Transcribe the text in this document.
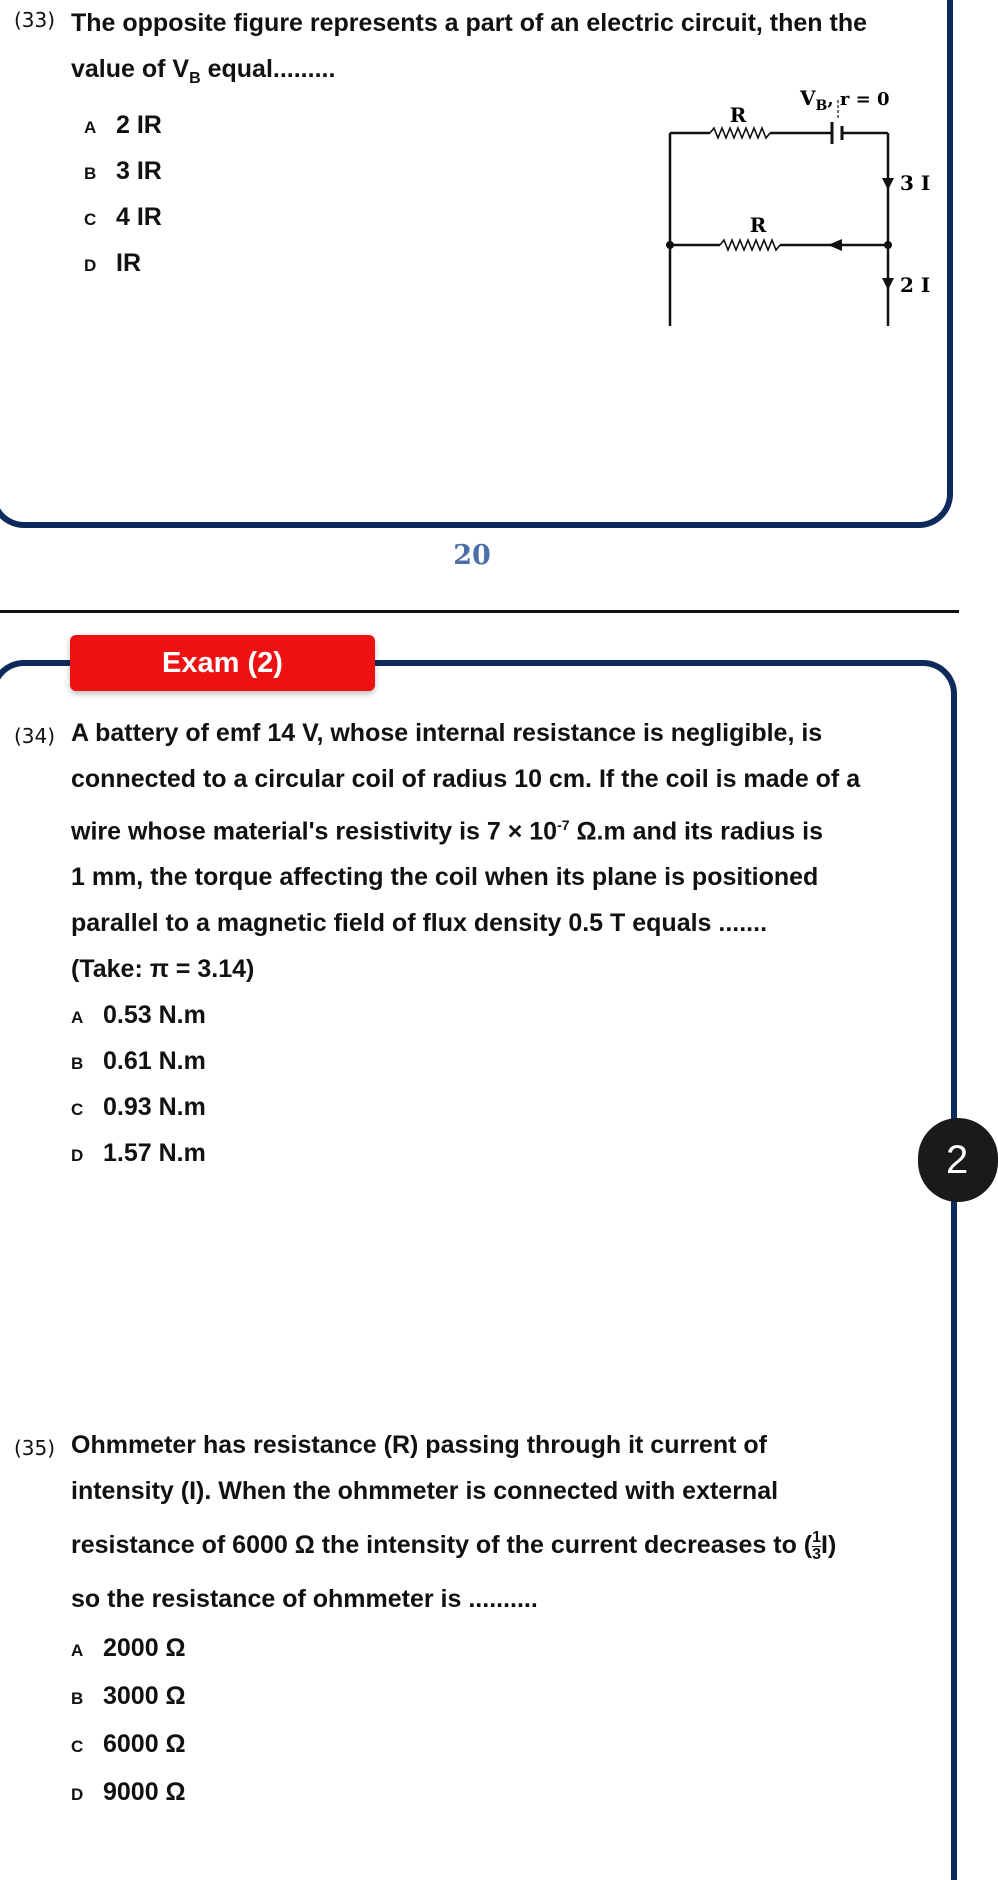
(33) The opposite figure represents a part of an electric circuit, then the
value of $V_B$ equal.........
A 2 IR
B 3 IR
C 4 IR
D IR
R
R
$V_B$, r = 0
3 I
2 I
20
Exam (2)
(34) A battery of emf 14 V, whose internal resistance is negligible, is
connected to a circular coil of radius 10 cm. If the coil is made of a
wire whose material's resistivity is $7 \times 10^{-7}$ Ω.m and its radius is
1 mm, the torque affecting the coil when its plane is positioned
parallel to a magnetic field of flux density 0.5 T equals .......
(Take: π = 3.14)
A 0.53 N.m
B 0.61 N.m
C 0.93 N.m
D 1.57 N.m	2
(35) Ohmmeter has resistance (R) passing through it current of
intensity (I). When the ohmmeter is connected with external
resistance of 6000 Ω the intensity of the current decreases to ( $\frac{1}{3} I$)
so the resistance of ohmmeter is ..........
A 2000 Ω
B 3000 Ω
C 6000 Ω
D 9000 Ω
